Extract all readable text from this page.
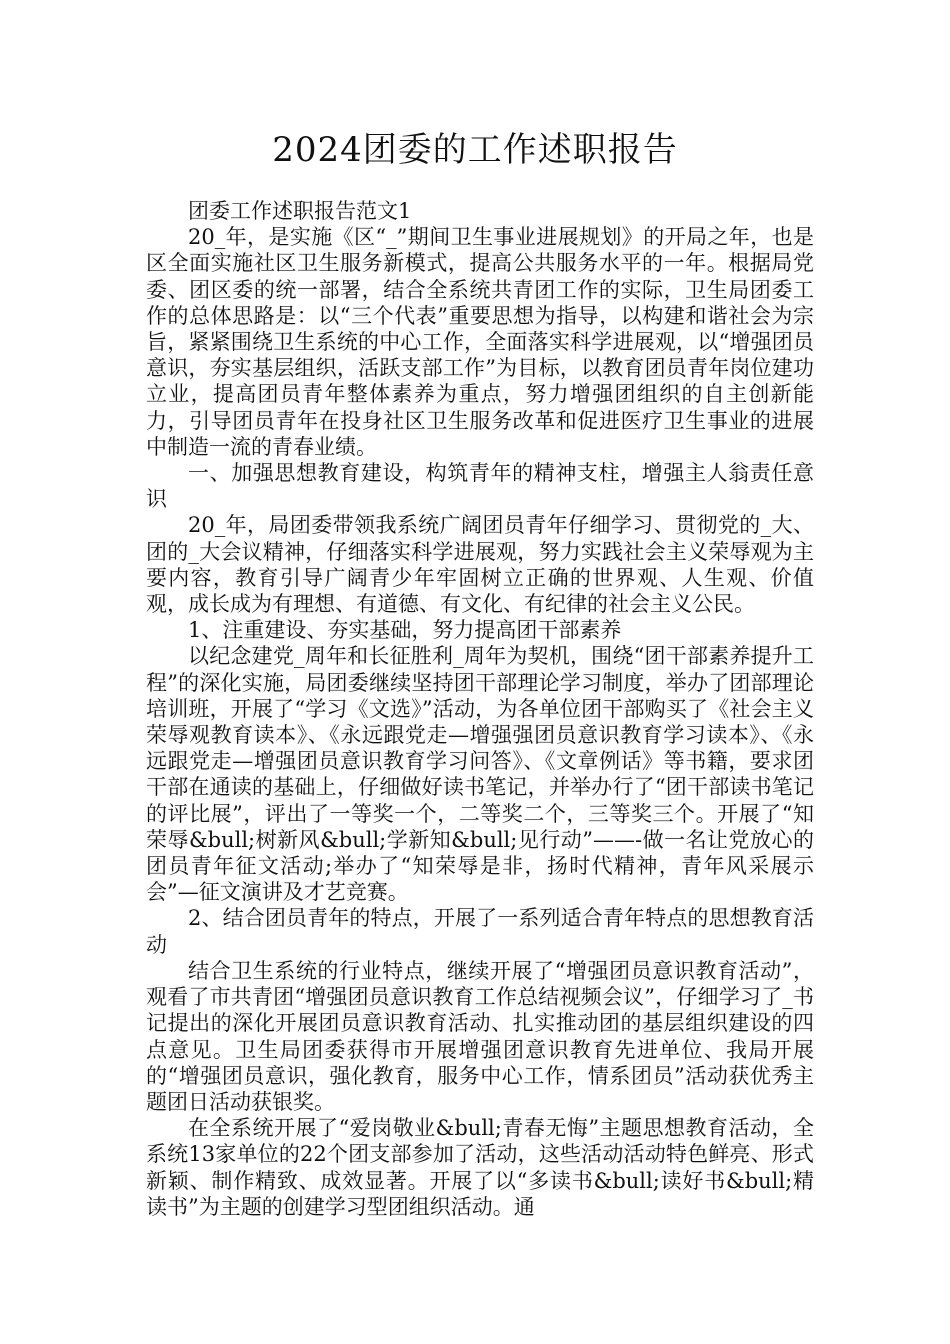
2024团委的工作述职报告

团委工作述职报告范文1

20_年，是实施《区“_”期间卫生事业进展规划》的开局之年，也是区全面实施社区卫生服务新模式，提高公共服务水平的一年。根据局党委、团区委的统一部署，结合全系统共青团工作的实际，卫生局团委工作的总体思路是：以“三个代表”重要思想为指导，以构建和谐社会为宗旨，紧紧围绕卫生系统的中心工作，全面落实科学进展观，以“增强团员意识，夯实基层组织，活跃支部工作”为目标，以教育团员青年岗位建功立业，提高团员青年整体素养为重点，努力增强团组织的自主创新能力，引导团员青年在投身社区卫生服务改革和促进医疗卫生事业的进展中制造一流的青春业绩。

一、加强思想教育建设，构筑青年的精神支柱，增强主人翁责任意识

20_年，局团委带领我系统广阔团员青年仔细学习、贯彻党的_大、团的_大会议精神，仔细落实科学进展观，努力实践社会主义荣辱观为主要内容，教育引导广阔青少年牢固树立正确的世界观、人生观、价值观，成长成为有理想、有道德、有文化、有纪律的社会主义公民。

1、注重建设、夯实基础，努力提高团干部素养

以纪念建党_周年和长征胜利_周年为契机，围绕“团干部素养提升工程”的深化实施，局团委继续坚持团干部理论学习制度，举办了团部理论培训班，开展了“学习《文选》”活动，为各单位团干部购买了《社会主义荣辱观教育读本》、《永远跟党走—增强强团员意识教育学习读本》、《永远跟党走—增强团员意识教育学习问答》、《文章例话》等书籍，要求团干部在通读的基础上，仔细做好读书笔记，并举办行了“团干部读书笔记的评比展”，评出了一等奖一个，二等奖二个，三等奖三个。开展了“知荣辱&bull;树新风&bull;学新知&bull;见行动”——-做一名让党放心的团员青年征文活动;举办了“知荣辱是非，扬时代精神，青年风采展示会”—征文演讲及才艺竞赛。

2、结合团员青年的特点，开展了一系列适合青年特点的思想教育活动

结合卫生系统的行业特点，继续开展了“增强团员意识教育活动”，观看了市共青团“增强团员意识教育工作总结视频会议”，仔细学习了_书记提出的深化开展团员意识教育活动、扎实推动团的基层组织建设的四点意见。卫生局团委获得市开展增强团意识教育先进单位、我局开展的“增强团员意识，强化教育，服务中心工作，情系团员”活动获优秀主题团日活动获银奖。

在全系统开展了“爱岗敬业&bull;青春无悔”主题思想教育活动，全系统13家单位的22个团支部参加了活动，这些活动活动特色鲜亮、形式新颖、制作精致、成效显著。开展了以“多读书&bull;读好书&bull;精读书”为主题的创建学习型团组织活动。通
